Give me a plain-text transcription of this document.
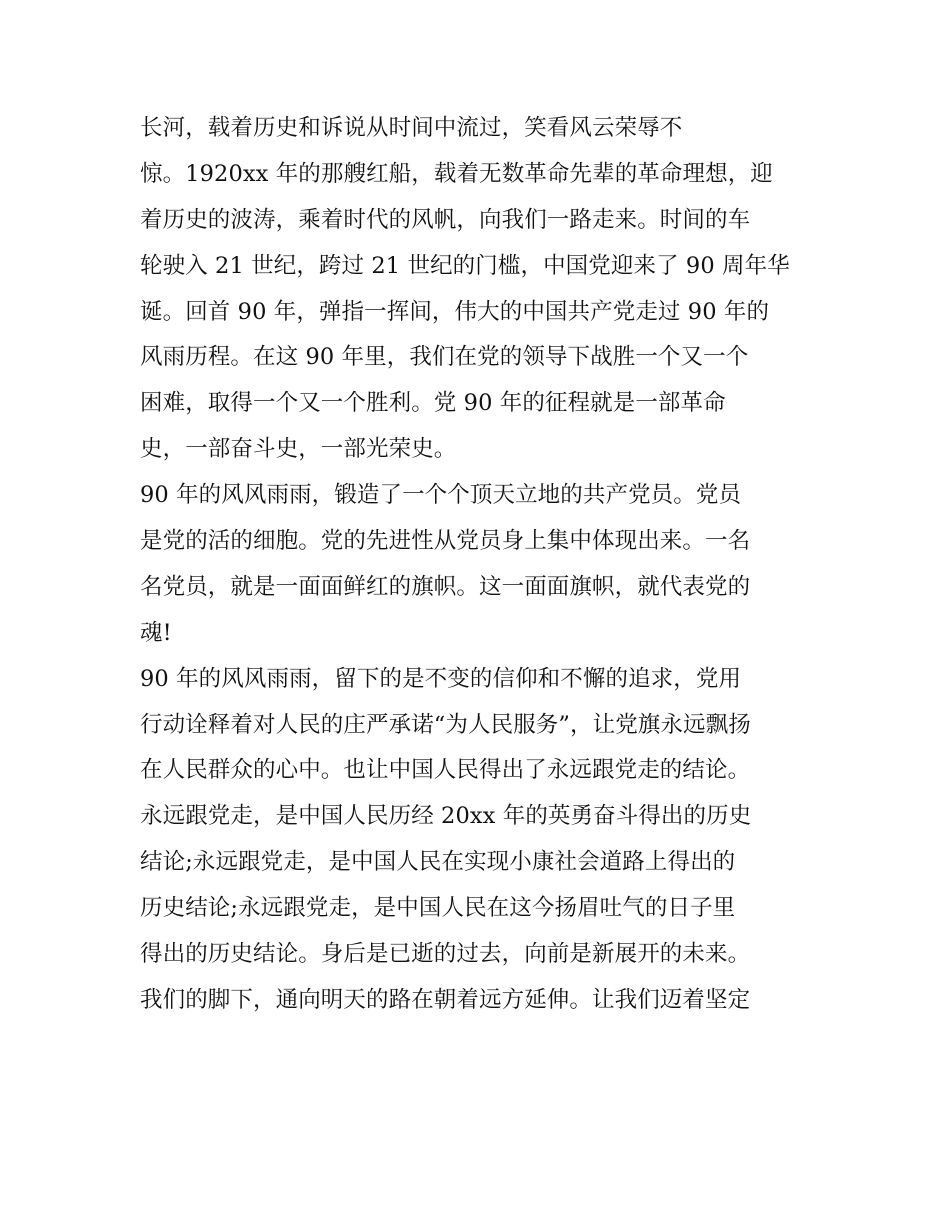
长河，载着历史和诉说从时间中流过，笑看风云荣辱不
惊。1920xx 年的那艘红船，载着无数革命先辈的革命理想，迎
着历史的波涛，乘着时代的风帆，向我们一路走来。时间的车
轮驶入 21 世纪，跨过 21 世纪的门槛，中国党迎来了 90 周年华
诞。回首 90 年，弹指一挥间，伟大的中国共产党走过 90 年的
风雨历程。在这 90 年里，我们在党的领导下战胜一个又一个
困难，取得一个又一个胜利。党 90 年的征程就是一部革命
史，一部奋斗史，一部光荣史。
90 年的风风雨雨，锻造了一个个顶天立地的共产党员。党员
是党的活的细胞。党的先进性从党员身上集中体现出来。一名
名党员，就是一面面鲜红的旗帜。这一面面旗帜，就代表党的
魂!
90 年的风风雨雨，留下的是不变的信仰和不懈的追求，党用
行动诠释着对人民的庄严承诺“为人民服务”，让党旗永远飘扬
在人民群众的心中。也让中国人民得出了永远跟党走的结论。
永远跟党走，是中国人民历经 20xx 年的英勇奋斗得出的历史
结论;永远跟党走，是中国人民在实现小康社会道路上得出的
历史结论;永远跟党走，是中国人民在这今扬眉吐气的日子里
得出的历史结论。身后是已逝的过去，向前是新展开的未来。
我们的脚下，通向明天的路在朝着远方延伸。让我们迈着坚定
